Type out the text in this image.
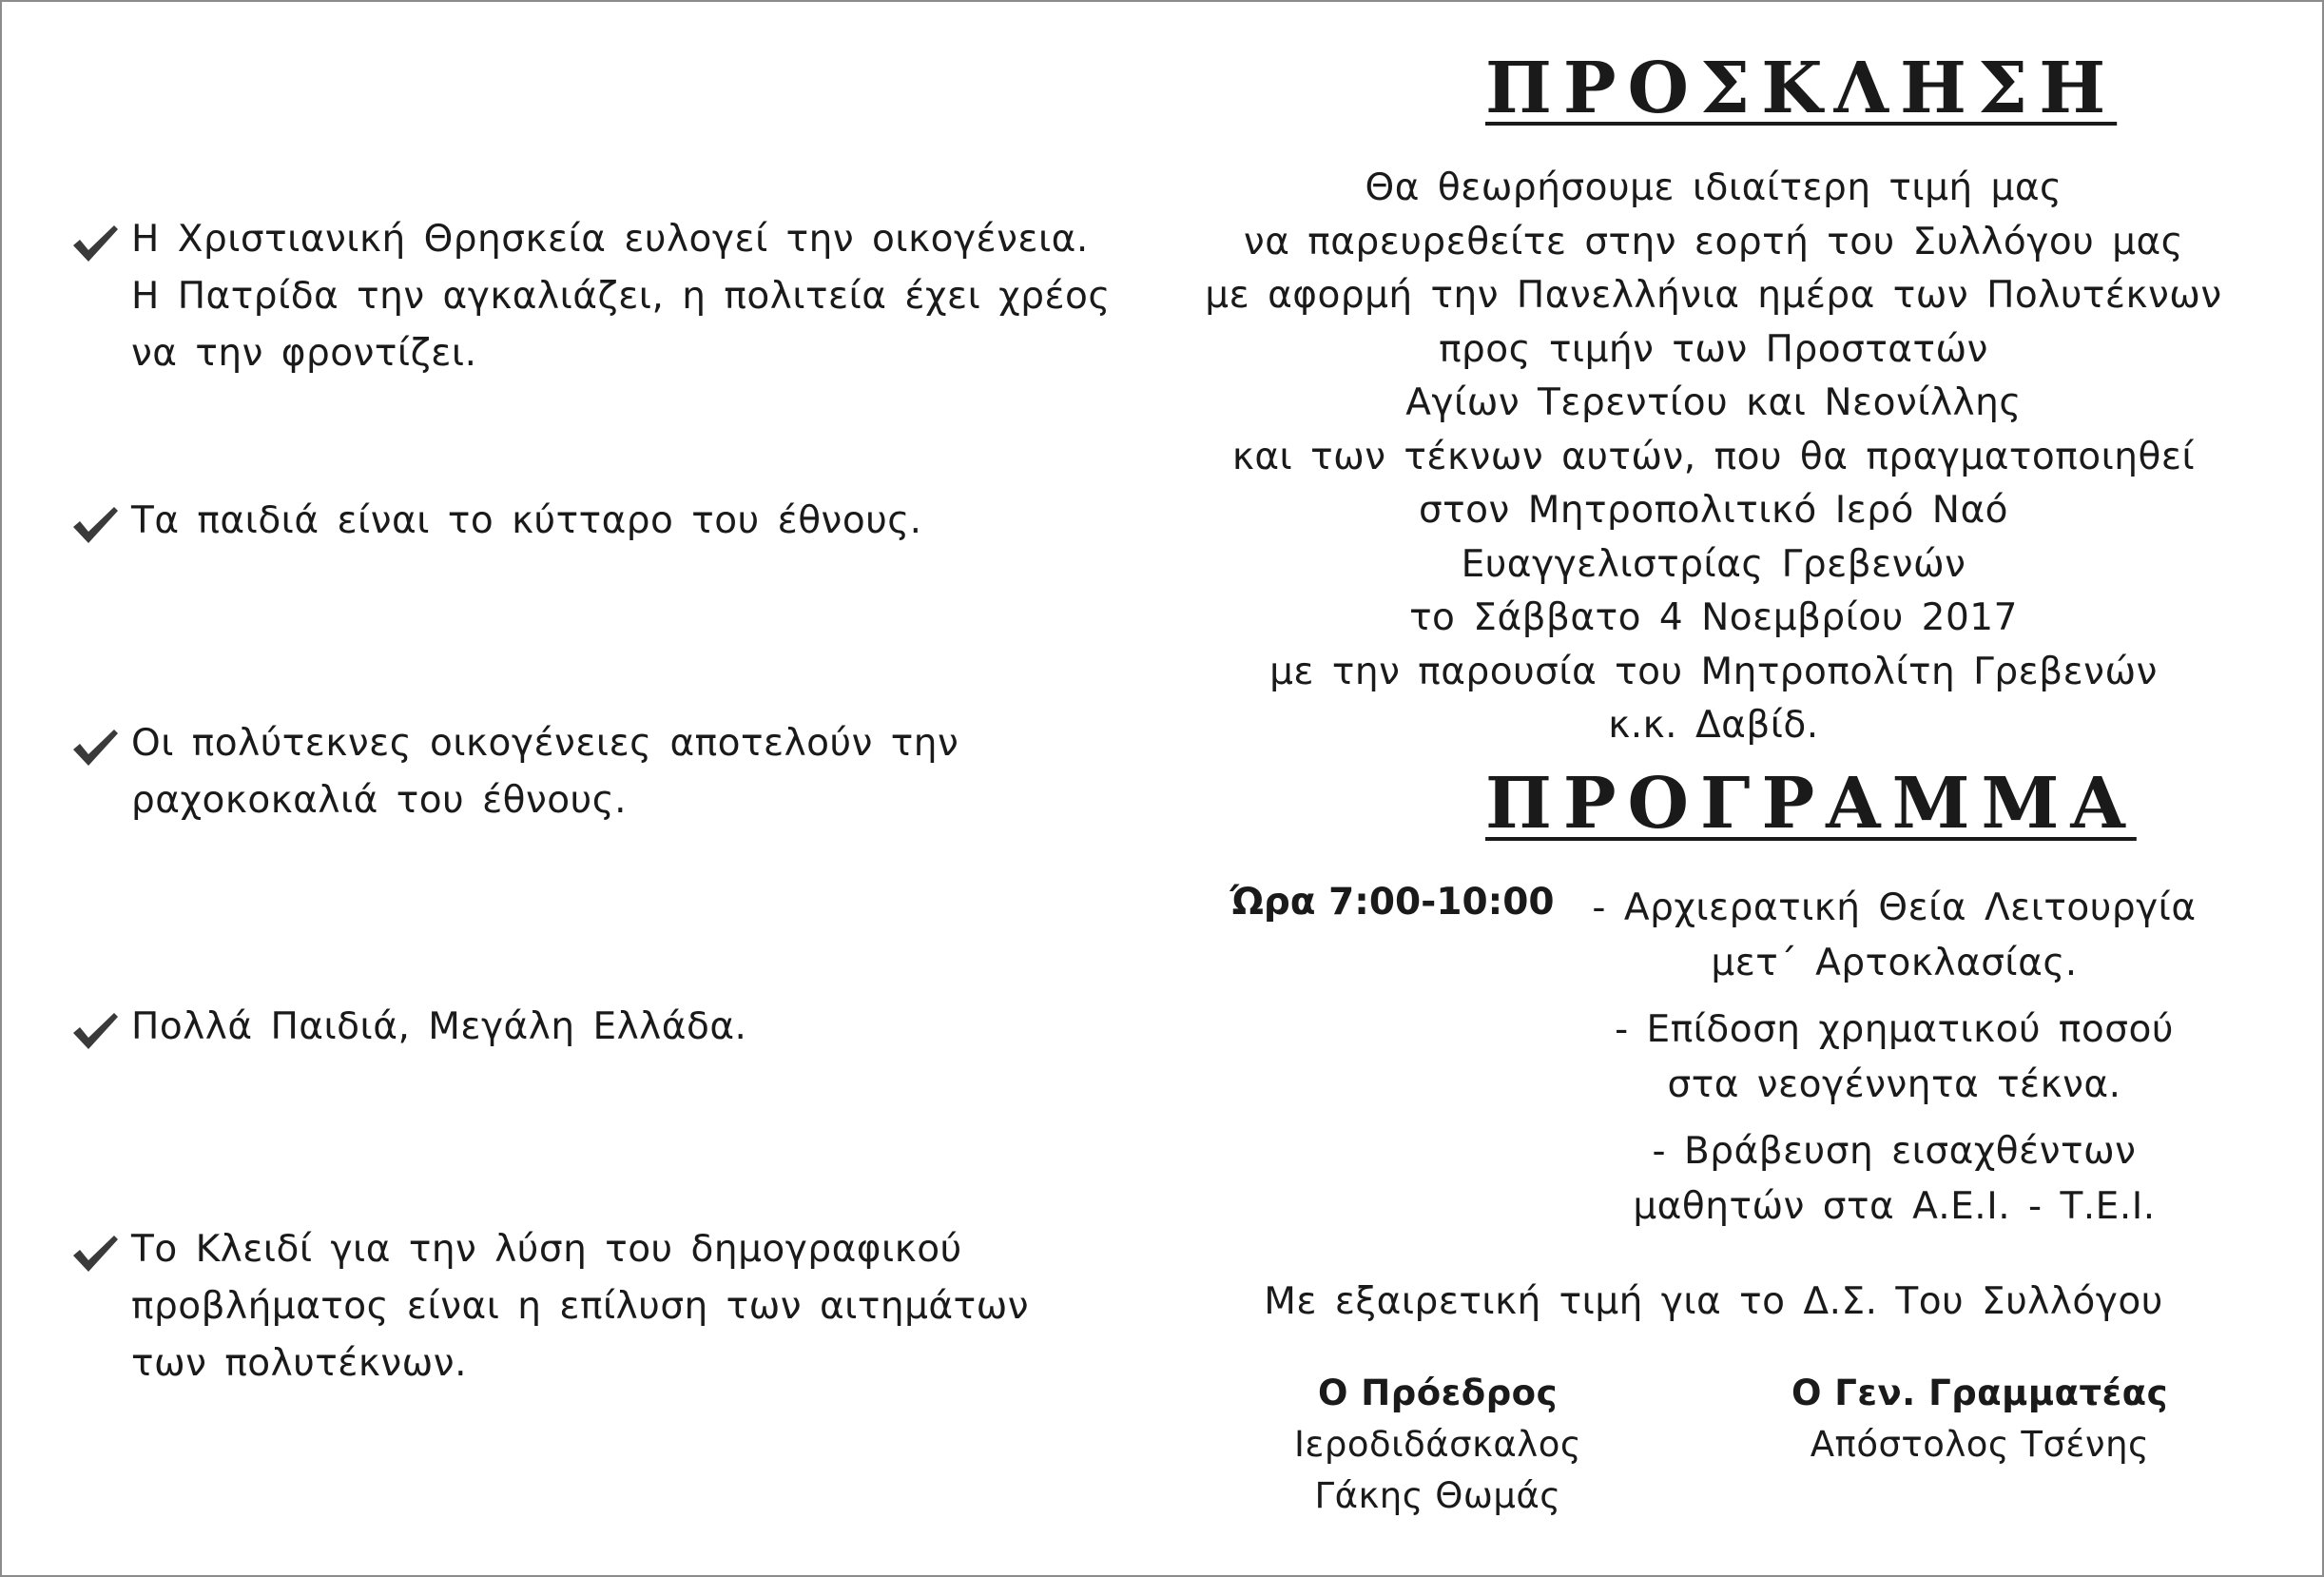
Η Χριστιανική Θρησκεία ευλογεί την οικογένεια.
Η Πατρίδα την αγκαλιάζει, η πολιτεία έχει χρέος
να την φροντίζει.
Τα παιδιά είναι το κύτταρο του έθνους.
Οι πολύτεκνες οικογένειες αποτελούν την
ραχοκοκαλιά του έθνους.
Πολλά Παιδιά, Μεγάλη Ελλάδα.
Το Κλειδί για την λύση του δημογραφικού
προβλήματος είναι η επίλυση των αιτημάτων
των πολυτέκνων.
ΠΡΟΣΚΛΗΣΗ
Θα θεωρήσουμε ιδιαίτερη τιμή μας
να παρευρεθείτε στην εορτή του Συλλόγου μας
με αφορμή την Πανελλήνια ημέρα των Πολυτέκνων
προς τιμήν των Προστατών
Αγίων Τερεντίου και Νεονίλλης
και των τέκνων αυτών, που θα πραγματοποιηθεί
στον Μητροπολιτικό Ιερό Ναό
Ευαγγελιστρίας Γρεβενών
το Σάββατο 4 Νοεμβρίου 2017
με την παρουσία του Μητροπολίτη Γρεβενών
κ.κ. Δαβίδ.
ΠΡΟΓΡΑΜΜΑ
Ώρα 7:00-10:00	- Αρχιερατική Θεία Λειτουργία
μετ΄ Αρτοκλασίας.
- Επίδοση χρηματικού ποσού
στα νεογέννητα τέκνα.
- Βράβευση εισαχθέντων
μαθητών στα Α.Ε.Ι. - Τ.Ε.Ι.
Με εξαιρετική τιμή για το Δ.Σ. Του Συλλόγου
Ο Πρόεδρος
Ιεροδιδάσκαλος
Γάκης Θωμάς
Ο Γεν. Γραμματέας
Απόστολος Τσένης
